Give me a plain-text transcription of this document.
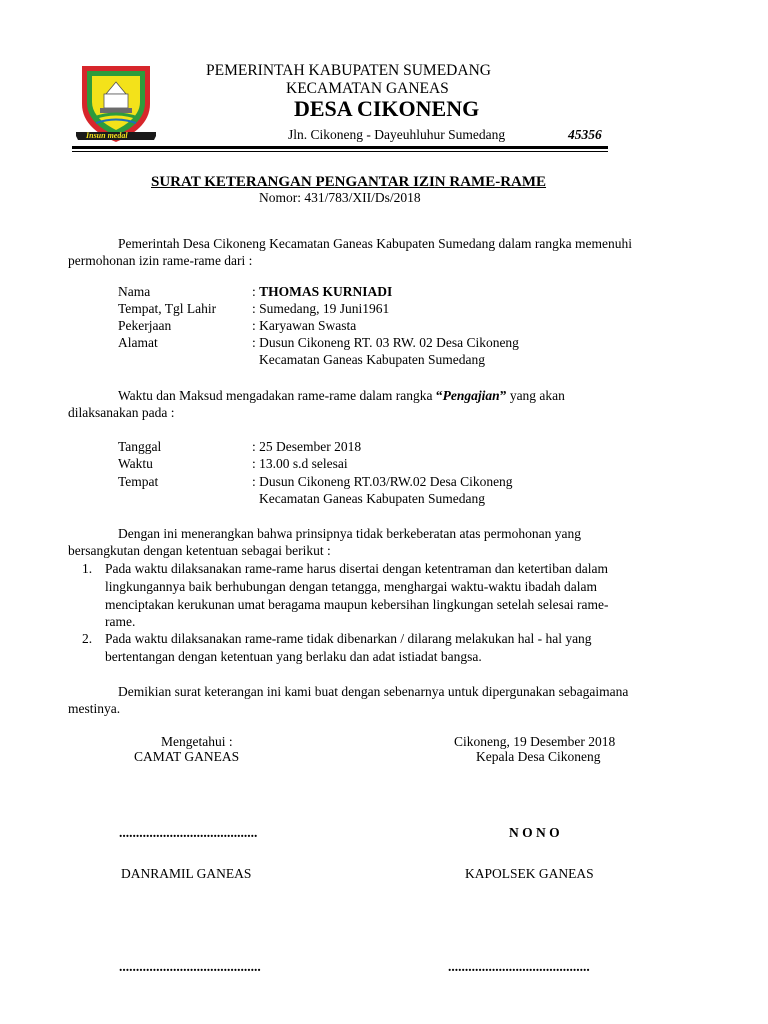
Insun medal
PEMERINTAH KABUPATEN SUMEDANG
KECAMATAN GANEAS
DESA CIKONENG
Jln. Cikoneng - Dayeuhluhur Sumedang	45356
SURAT KETERANGAN PENGANTAR IZIN RAME-RAME
Nomor: 431/783/XII/Ds/2018
Pemerintah Desa Cikoneng Kecamatan Ganeas Kabupaten Sumedang dalam rangka memenuhi
permohonan izin rame-rame dari :
Nama	: THOMAS KURNIADI
Tempat, Tgl Lahir	: Sumedang, 19 Juni1961
Pekerjaan	: Karyawan Swasta
Alamat	: Dusun Cikoneng RT. 03 RW. 02 Desa Cikoneng
Kecamatan Ganeas Kabupaten Sumedang
Waktu dan Maksud mengadakan rame-rame dalam rangka “Pengajian” yang akan
dilaksanakan pada :
Tanggal	: 25 Desember 2018
Waktu	: 13.00 s.d selesai
Tempat	: Dusun Cikoneng RT.03/RW.02 Desa Cikoneng
Kecamatan Ganeas Kabupaten Sumedang
Dengan ini menerangkan bahwa prinsipnya tidak berkeberatan atas permohonan yang
bersangkutan dengan ketentuan sebagai berikut :
1. Pada waktu dilaksanakan rame-rame harus disertai dengan ketentraman dan ketertiban dalam
lingkungannya baik berhubungan dengan tetangga, menghargai waktu-waktu ibadah dalam
menciptakan kerukunan umat beragama maupun kebersihan lingkungan setelah selesai rame-
rame.
2. Pada waktu dilaksanakan rame-rame tidak dibenarkan / dilarang melakukan hal - hal yang
bertentangan dengan ketentuan yang berlaku dan adat istiadat bangsa.
Demikian surat keterangan ini kami buat dengan sebenarnya untuk dipergunakan sebagaimana
mestinya.
Mengetahui :
CAMAT GANEAS
Cikoneng, 19 Desember 2018
Kepala Desa Cikoneng
.........................................	N O N O
DANRAMIL GANEAS	KAPOLSEK GANEAS
..........................................	..........................................
